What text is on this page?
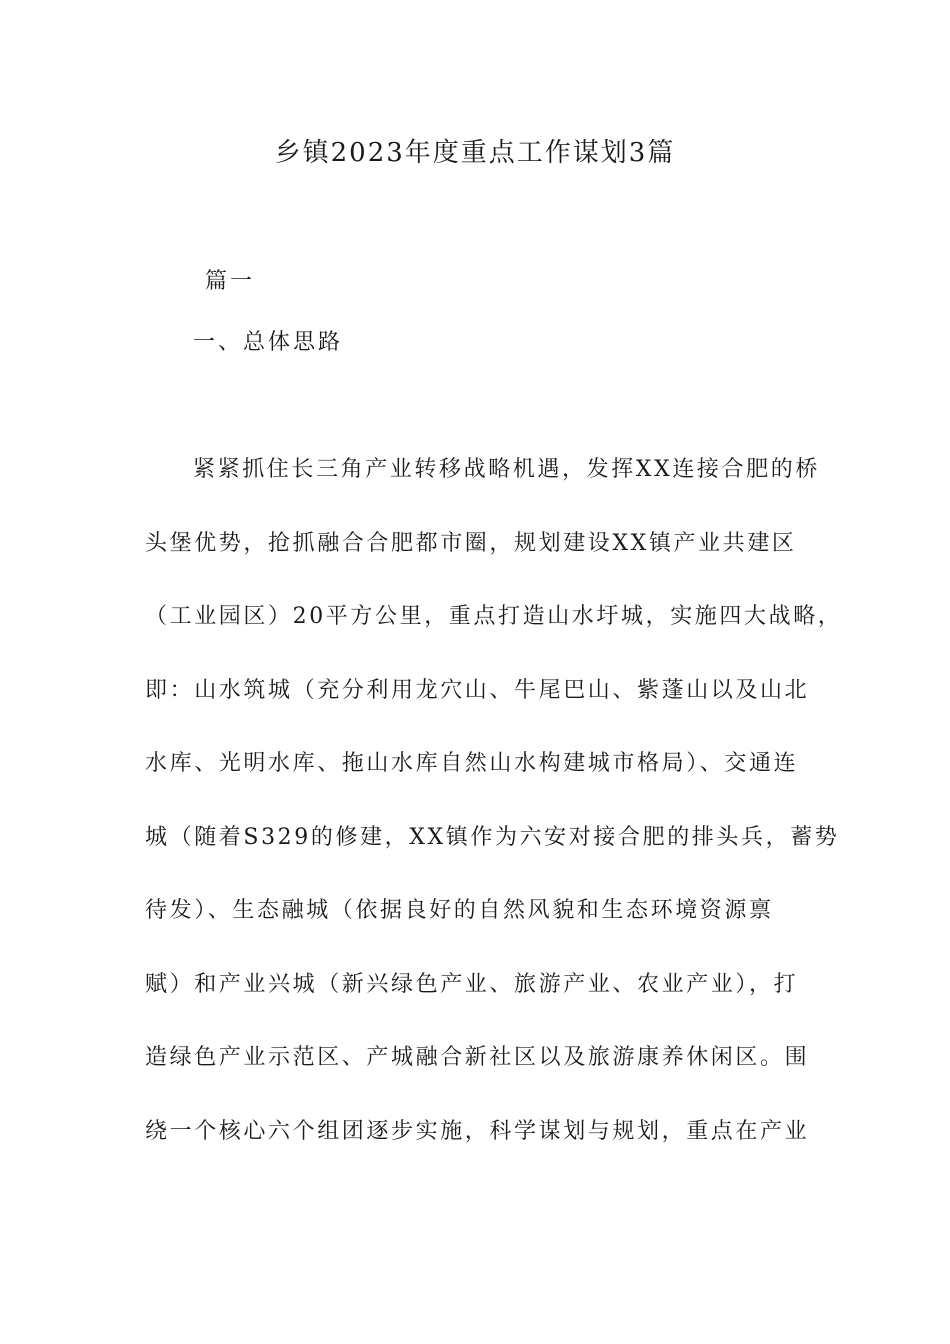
乡镇2023年度重点工作谋划3篇
篇一
一、总体思路
紧紧抓住长三角产业转移战略机遇，发挥XX连接合肥的桥
头堡优势，抢抓融合合肥都市圈，规划建设XX镇产业共建区
（工业园区）20平方公里，重点打造山水圩城，实施四大战略，
即：山水筑城（充分利用龙穴山、牛尾巴山、紫蓬山以及山北
水库、光明水库、拖山水库自然山水构建城市格局）、交通连
城（随着S329的修建，XX镇作为六安对接合肥的排头兵，蓄势
待发）、生态融城（依据良好的自然风貌和生态环境资源禀
赋）和产业兴城（新兴绿色产业、旅游产业、农业产业），打
造绿色产业示范区、产城融合新社区以及旅游康养休闲区。围
绕一个核心六个组团逐步实施，科学谋划与规划，重点在产业
